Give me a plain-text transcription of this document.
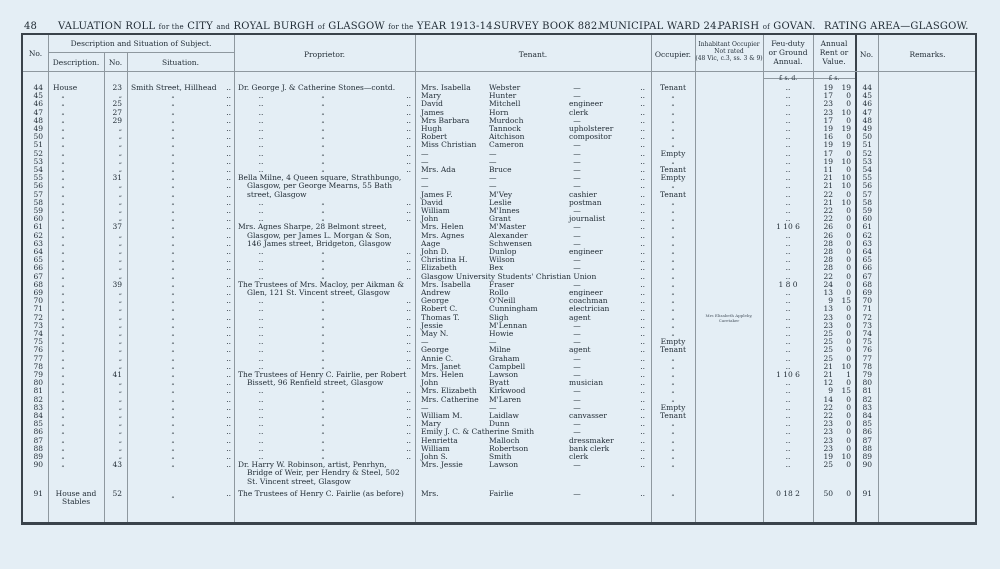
48 VALUATION ROLL for the CITY and ROYAL BURGH of GLASGOW for the YEAR 1913-14.
SURVEY BOOK 882.
MUNICIPAL WARD 24.
PARISH of GOVAN. RATING AREA—GLASGOW.
No.
Description and Situation of Subject.
Description.	No.	Situation.
Proprietor.	Tenant.	Occupier.
Inhabitant Occupier
Not rated
(48 Vic, c.3, ss. 3 & 9)
Feu-duty
or Ground
Annual.
Annual
Rent or
Value.
No.	Remarks.
£ s. d.	£ s.
44 House	23 Smith Street, Hillhead	.. Dr. George J. & Catherine Stones—contd.	Mrs. Isabella Webster	—	..	Tenant	..	19	19	44
45	„	„	„	..	..	„	.. Mary	Hunter	—	..	„	..	17	0	45
46	„	25	„	..	..	„	.. David	Mitchell	engineer	..	„	..	23	0	46
47	„	27	„	..	..	„	.. James	Horn	clerk	..	„	..	23	10	47
48	„	29	„	..	..	„	.. Mrs Barbara	Murdoch	—	..	„	..	17	0	48
49	„	„	„	..	..	„	.. Hugh	Tannock	upholsterer	..	„	..	19	19	49
50	„	„	„	..	..	„	.. Robert	Aitchison	compositor	..	„	..	16	0	50
51	„	„	„	..	..	„	.. Miss Christian Cameron	—	..	„	..	19	19	51
52	„	„	„	..	..	„	.. —	—	—	..	Empty	..	17	0	52
53	„	„	„	..	..	„	.. —	—	—	..	„	..	19	10	53
54	„	„	„	..	..	„	.. Mrs. Ada	Bruce	—	..	Tenant	..	11	0	54
55	„	31	„	.. Bella Milne, 4 Queen square, Strathbungo,	—	—	—	..	Empty	..	21	10	55
56	„	„	„	.. Glasgow, per George Mearns, 55 Bath	—	—	—	..	„	..	21	10	56
57	„	„	„	.. street, Glasgow	James F.	M'Vey	cashier	..	Tenant	..	22	0	57
58	„	„	„	..	..	„	.. David	Leslie	postman	..	„	..	21	10	58
59	„	„	„	..	..	„	.. William	M'Innes	—	..	„	..	22	0	59
60	„	„	„	..	..	„	.. John	Grant	journalist	..	„	..	22	0	60
61	„	37	„	.. Mrs. Agnes Sharpe, 28 Belmont street,	Mrs. Helen	M'Master	—	..	„	1 10 6	26	0	61
62	„	„	„	.. Glasgow, per James L. Morgan & Son,	Mrs. Agnes	Alexander	—	..	„	..	26	0	62
63	„	„	„	.. 146 James street, Bridgeton, Glasgow	Aage	Schwensen	—	..	„	..	28	0	63
64	„	„	„	..	..	„	.. John D.	Dunlop	engineer	..	„	..	28	0	64
65	„	„	„	..	..	„	.. Christina H.	Wilson	—	..	„	..	28	0	65
66	„	„	„	..	..	„	.. Elizabeth	Bex	—	..	„	..	28	0	66
67	„	„	„	..	..	„	.. Glasgow University Students' Christian Union	..	„	..	22	0	67
68	„	39	„	.. The Trustees of Mrs. Macloy, per Aikman &	Mrs. Isabella Fraser	—	..	„	1 8 0	24	0	68
69	„	„	„	.. Glen, 121 St. Vincent street, Glasgow	Andrew	Rollo	engineer	..	„	..	13	0	69
70	„	„	„	..	..	„	.. George	O'Neill	coachman	..	„	..	9	15	70
71	„	„	„	..	..	„	.. Robert C.	Cunningham	electrician	..	„	..	13	0	71
72	„	„	„	..	..	„	.. Thomas T.	Sligh	agent	..	„	..	23	0	72
73	„	„	„	..	..	„	.. Jessie	M'Lennan	—	..	„	..	23	0	73
74	„	„	„	..	..	„	.. May N.	Howie	—	..	„	..	25	0	74
75	„	„	„	..	..	„	.. —	—	—	..	Empty	..	25	0	75
76	„	„	„	..	..	„	.. George	Milne	agent	..	Tenant	..	25	0	76
77	„	„	„	..	..	„	.. Annie C.	Graham	—	..	„	..	25	0	77
78	„	„	„	..	..	„	.. Mrs. Janet	Campbell	—	..	„	..	21	10	78
79	„	41	„	.. The Trustees of Henry C. Fairlie, per Robert	Mrs. Helen	Lawson	—	..	„	1 10 6	21	1	79
80	„	„	„	.. Bissett, 96 Renfield street, Glasgow	John	Byatt	musician	..	„	..	12	0	80
81	„	„	„	..	..	„	.. Mrs. Elizabeth Kirkwood	—	..	„	..	9	15	81
82	„	„	„	..	..	„	.. Mrs. Catherine M'Laren	—	..	„	..	14	0	82
83	„	„	„	..	..	„	.. —	—	—	..	Empty	..	22	0	83
84	„	„	„	..	..	„	.. William M.	Laidlaw	canvasser	..	Tenant	..	22	0	84
85	„	„	„	..	..	„	.. Mary	Dunn	—	..	„	..	23	0	85
86	„	„	„	..	..	„	.. Emily J. C. & Catherine Smith	—	..	„	..	23	0	86
87	„	„	„	..	..	„	.. Henrietta	Malloch	dressmaker	..	„	..	23	0	87
88	„	„	„	..	..	„	.. William	Robertson	bank clerk	..	„	..	23	0	88
89	„	„	„	..	..	„	.. John S.	Smith	clerk	..	„	..	19	10	89
90	„	43	„	.. Dr. Harry W. Robinson, artist, Penrhyn,	Mrs. Jessie	Lawson	—	..	„	..	25	0	90
Bridge of Weir, per Hendry & Steel, 502
St. Vincent street, Glasgow
91	House and
Stables
52	„	.. The Trustees of Henry C. Fairlie (as before)	Mrs.	Fairlie	—	..	„	0 18 2	50	0	91
Mrs Elizabeth Appleby,
Caretaker
